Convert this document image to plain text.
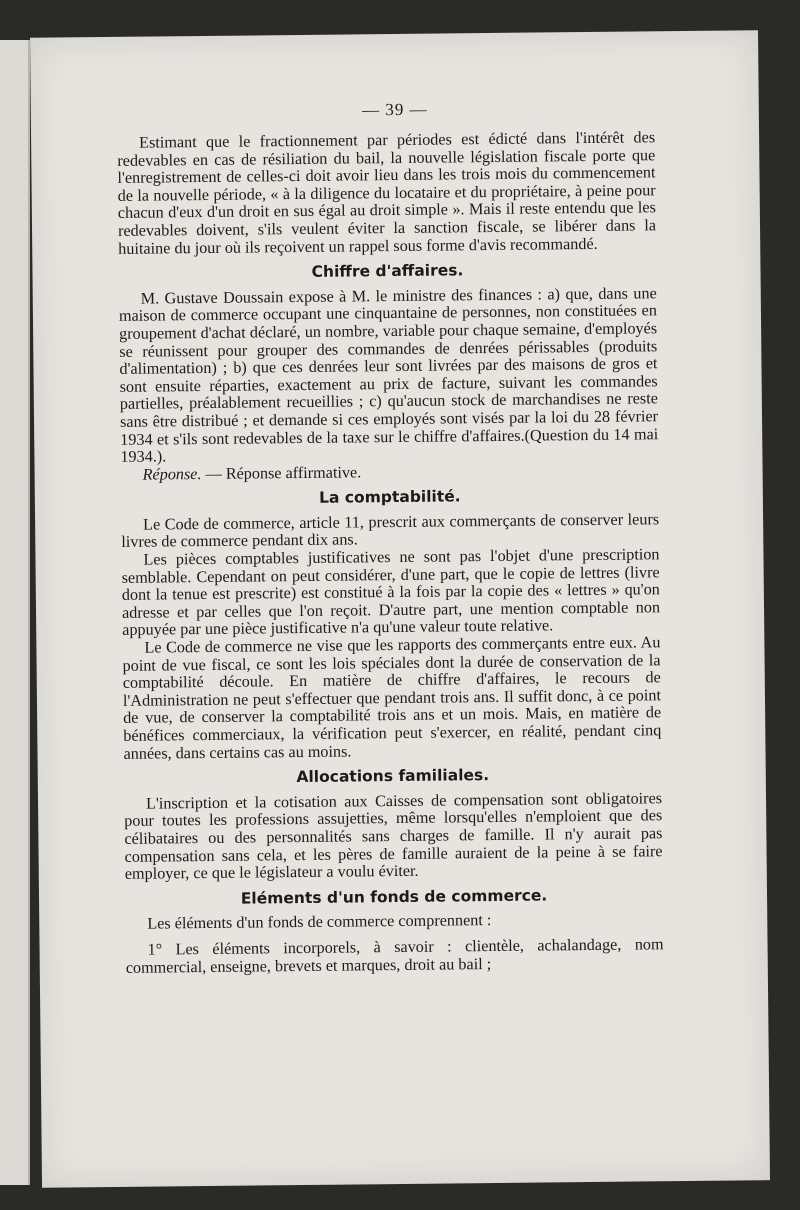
— 39 —

Estimant que le fractionnement par périodes est édicté dans l'intérêt des redevables en cas de résiliation du bail, la nouvelle législation fiscale porte que l'enregistrement de celles-ci doit avoir lieu dans les trois mois du commencement de la nouvelle période, « à la diligence du locataire et du propriétaire, à peine pour chacun d'eux d'un droit en sus égal au droit simple ». Mais il reste entendu que les redevables doivent, s'ils veulent éviter la sanction fiscale, se libérer dans la huitaine du jour où ils reçoivent un rappel sous forme d'avis recommandé.

Chiffre d'affaires.

M. Gustave Doussain expose à M. le ministre des finances : a) que, dans une maison de commerce occupant une cinquantaine de personnes, non constituées en groupement d'achat déclaré, un nombre, variable pour chaque semaine, d'employés se réunissent pour grouper des commandes de denrées périssables (produits d'alimentation) ; b) que ces denrées leur sont livrées par des maisons de gros et sont ensuite réparties, exactement au prix de facture, suivant les commandes partielles, préalablement recueillies ; c) qu'aucun stock de marchandises ne reste sans être distribué ; et demande si ces employés sont visés par la loi du 28 février 1934 et s'ils sont redevables de la taxe sur le chiffre d'affaires.(Question du 14 mai 1934.).

Réponse. — Réponse affirmative.

La comptabilité.

Le Code de commerce, article 11, prescrit aux commerçants de conserver leurs livres de commerce pendant dix ans.

Les pièces comptables justificatives ne sont pas l'objet d'une prescription semblable. Cependant on peut considérer, d'une part, que le copie de lettres (livre dont la tenue est prescrite) est constitué à la fois par la copie des « lettres » qu'on adresse et par celles que l'on reçoit. D'autre part, une mention comptable non appuyée par une pièce justificative n'a qu'une valeur toute relative.

Le Code de commerce ne vise que les rapports des commerçants entre eux. Au point de vue fiscal, ce sont les lois spéciales dont la durée de conservation de la comptabilité découle. En matière de chiffre d'affaires, le recours de l'Administration ne peut s'effectuer que pendant trois ans. Il suffit donc, à ce point de vue, de conserver la comptabilité trois ans et un mois. Mais, en matière de bénéfices commerciaux, la vérification peut s'exercer, en réalité, pendant cinq années, dans certains cas au moins.

Allocations familiales.

L'inscription et la cotisation aux Caisses de compensation sont obligatoires pour toutes les professions assujetties, même lorsqu'elles n'emploient que des célibataires ou des personnalités sans charges de famille. Il n'y aurait pas compensation sans cela, et les pères de famille auraient de la peine à se faire employer, ce que le législateur a voulu éviter.

Eléments d'un fonds de commerce.

Les éléments d'un fonds de commerce comprennent :

1° Les éléments incorporels, à savoir : clientèle, achalandage, nom commercial, enseigne, brevets et marques, droit au bail ;
